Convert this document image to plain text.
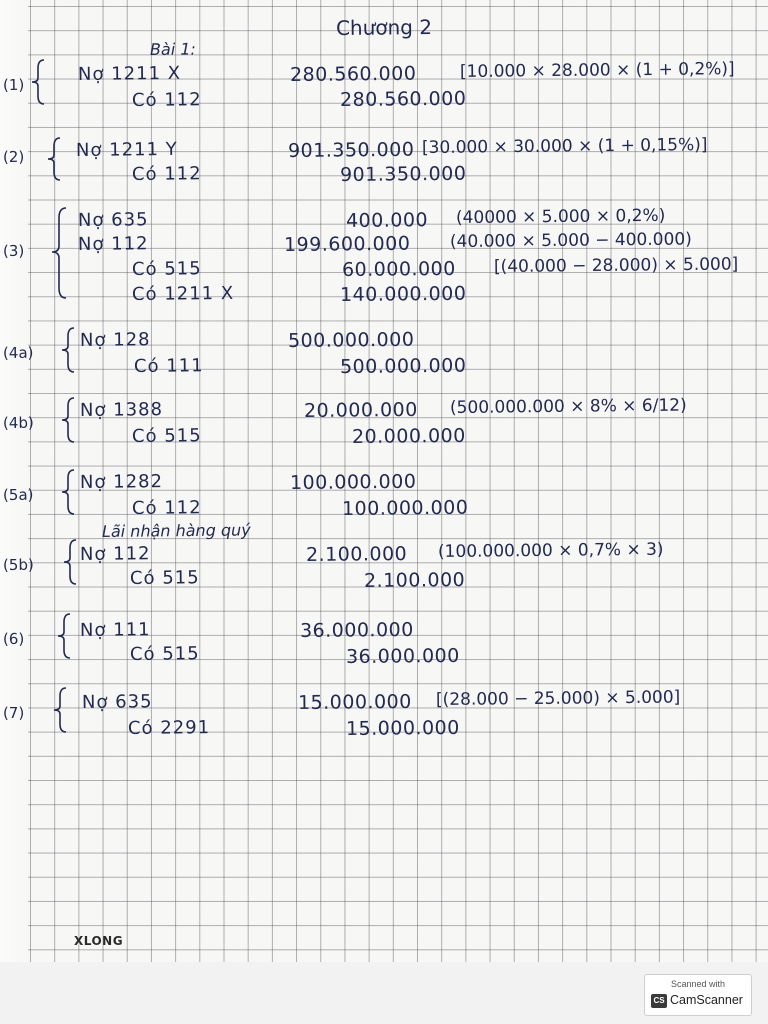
Chương 2
Bài 1:
(1)	Nợ 1211 X	280.560.000	[10.000 × 28.000 × (1 + 0,2%)]
Có 112	280.560.000
(2)	Nợ 1211 Y	901.350.000 [30.000 × 30.000 × (1 + 0,15%)]
Có 112	901.350.000
(3)
Nợ 635	400.000 (40000 × 5.000 × 0,2%)
Nợ 112	199.600.000 (40.000 × 5.000 − 400.000)
Có 515	60.000.000 [(40.000 − 28.000) × 5.000]
Có 1211 X	140.000.000
(4a)
Nợ 128	500.000.000
Có 111	500.000.000
(4b)
Nợ 1388	20.000.000 (500.000.000 × 8% × 6/12)
Có 515	20.000.000
(5a)
Nợ 1282	100.000.000
Có 112	100.000.000
Lãi nhận hàng quý
(5b)	Nợ 112	2.100.000 (100.000.000 × 0,7% × 3)
Có 515	2.100.000
(6)	Nợ 111	36.000.000
Có 515	36.000.000
(7)	Nợ 635	15.000.000 [(28.000 − 25.000) × 5.000]
Có 2291	15.000.000
XLONG
Scanned with
CS CamScanner
